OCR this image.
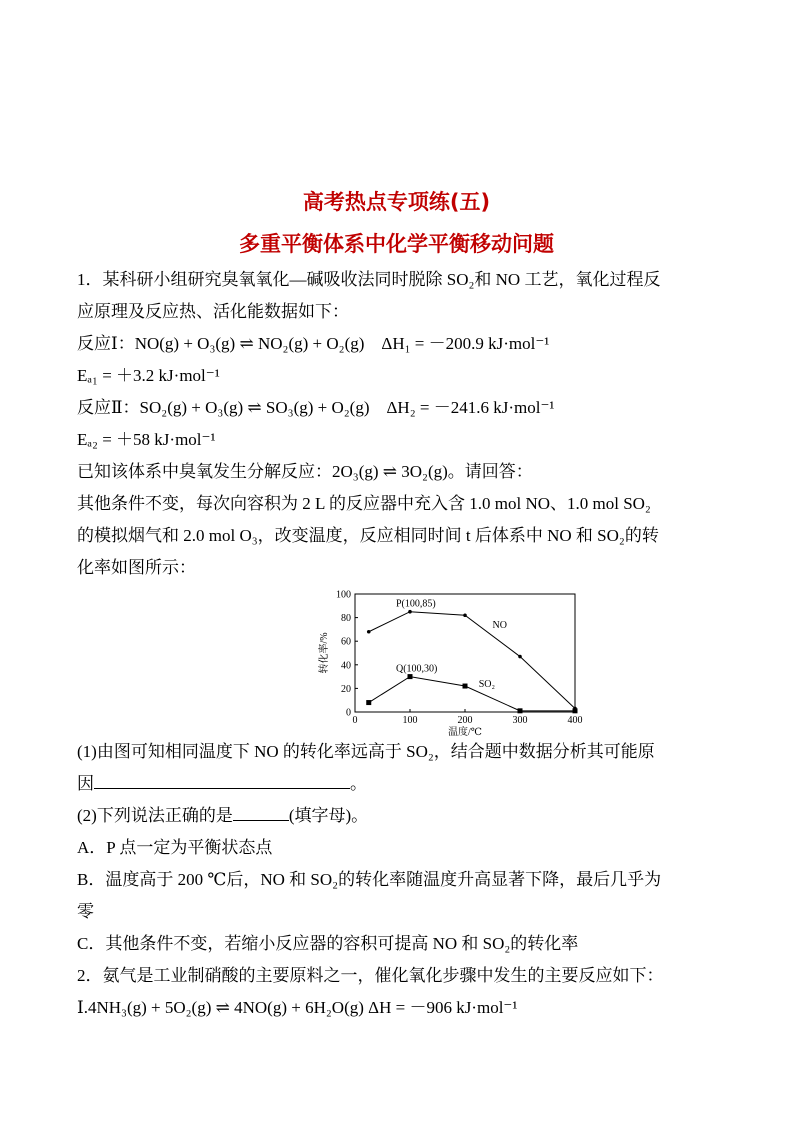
高考热点专项练(五)
多重平衡体系中化学平衡移动问题

1．某科研小组研究臭氧氧化—碱吸收法同时脱除 SO₂和 NO 工艺，氧化过程反

应原理及反应热、活化能数据如下：

反应Ⅰ：NO(g) + O₃(g) ⇌ NO₂(g) + O₂(g) ΔH₁ = －200.9 kJ·mol⁻¹

Eₐ₁ = ＋3.2 kJ·mol⁻¹

反应Ⅱ：SO₂(g) + O₃(g) ⇌ SO₃(g) + O₂(g) ΔH₂ = －241.6 kJ·mol⁻¹

Eₐ₂ = ＋58 kJ·mol⁻¹

已知该体系中臭氧发生分解反应：2O₃(g) ⇌ 3O₂(g)。请回答：

其他条件不变，每次向容积为 2 L 的反应器中充入含 1.0 mol NO、1.0 mol SO₂

的模拟烟气和 2.0 mol O₃，改变温度，反应相同时间 t 后体系中 NO 和 SO₂的转

化率如图所示：

0	100	200	300	400
0
20
40
60
80
100
温度/℃
转化率/%
NO
SO₂
P(100,85)
Q(100,30)

(1)由图可知相同温度下 NO 的转化率远高于 SO₂，结合题中数据分析其可能原

因	。

(2)下列说法正确的是	(填字母)。

A．P 点一定为平衡状态点

B．温度高于 200 ℃后，NO 和 SO₂的转化率随温度升高显著下降，最后几乎为

零

C．其他条件不变，若缩小反应器的容积可提高 NO 和 SO₂的转化率

2．氨气是工业制硝酸的主要原料之一，催化氧化步骤中发生的主要反应如下：

Ⅰ.4NH₃(g) + 5O₂(g) ⇌ 4NO(g) + 6H₂O(g) ΔH = －906 kJ·mol⁻¹
